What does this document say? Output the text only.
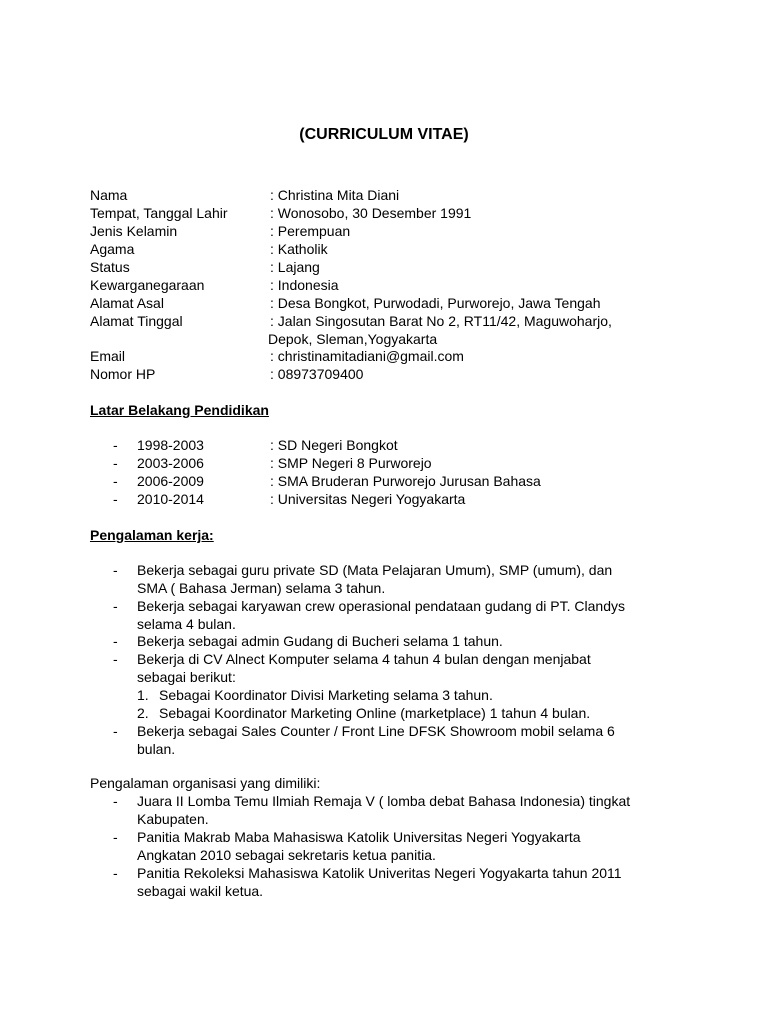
(CURRICULUM VITAE)
Nama	: Christina Mita Diani
Tempat, Tanggal Lahir	: Wonosobo, 30 Desember 1991
Jenis Kelamin	: Perempuan
Agama	: Katholik
Status	: Lajang
Kewarganegaraan	: Indonesia
Alamat Asal	: Desa Bongkot, Purwodadi, Purworejo, Jawa Tengah
Alamat Tinggal	: Jalan Singosutan Barat No 2, RT11/42, Maguwoharjo,
Depok, Sleman,Yogyakarta
Email	: christinamitadiani@gmail.com
Nomor HP	: 08973709400
Latar Belakang Pendidikan
- 1998-2003	: SD Negeri Bongkot
- 2003-2006	: SMP Negeri 8 Purworejo
- 2006-2009	: SMA Bruderan Purworejo Jurusan Bahasa
- 2010-2014	: Universitas Negeri Yogyakarta
Pengalaman kerja:
- Bekerja sebagai guru private SD (Mata Pelajaran Umum), SMP (umum), dan
SMA ( Bahasa Jerman) selama 3 tahun.
- Bekerja sebagai karyawan crew operasional pendataan gudang di PT. Clandys
selama 4 bulan.
- Bekerja sebagai admin Gudang di Bucheri selama 1 tahun.
- Bekerja di CV Alnect Komputer selama 4 tahun 4 bulan dengan menjabat
sebagai berikut:
1. Sebagai Koordinator Divisi Marketing selama 3 tahun.
2. Sebagai Koordinator Marketing Online (marketplace) 1 tahun 4 bulan.
- Bekerja sebagai Sales Counter / Front Line DFSK Showroom mobil selama 6
bulan.
Pengalaman organisasi yang dimiliki:
- Juara II Lomba Temu Ilmiah Remaja V ( lomba debat Bahasa Indonesia) tingkat
Kabupaten.
- Panitia Makrab Maba Mahasiswa Katolik Universitas Negeri Yogyakarta
Angkatan 2010 sebagai sekretaris ketua panitia.
- Panitia Rekoleksi Mahasiswa Katolik Univeritas Negeri Yogyakarta tahun 2011
sebagai wakil ketua.
